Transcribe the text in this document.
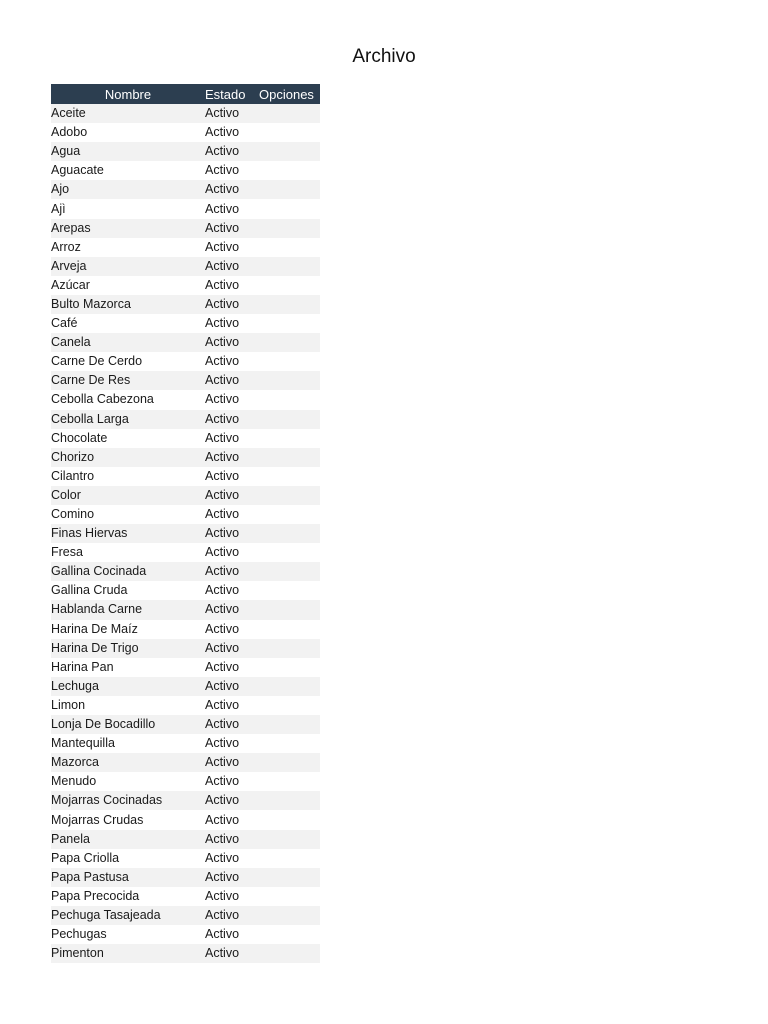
Archivo
Nombre	Estado	Opciones
Aceite	Activo	
Adobo	Activo	
Agua	Activo	
Aguacate	Activo	
Ajo	Activo	
Ajì	Activo	
Arepas	Activo	
Arroz	Activo	
Arveja	Activo	
Azúcar	Activo	
Bulto Mazorca	Activo	
Café	Activo	
Canela	Activo	
Carne De Cerdo	Activo	
Carne De Res	Activo	
Cebolla Cabezona	Activo	
Cebolla Larga	Activo	
Chocolate	Activo	
Chorizo	Activo	
Cilantro	Activo	
Color	Activo	
Comino	Activo	
Finas Hiervas	Activo	
Fresa	Activo	
Gallina Cocinada	Activo	
Gallina Cruda	Activo	
Hablanda Carne	Activo	
Harina De Maíz	Activo	
Harina De Trigo	Activo	
Harina Pan	Activo	
Lechuga	Activo	
Limon	Activo	
Lonja De Bocadillo	Activo	
Mantequilla	Activo	
Mazorca	Activo	
Menudo	Activo	
Mojarras Cocinadas	Activo	
Mojarras Crudas	Activo	
Panela	Activo	
Papa Criolla	Activo	
Papa Pastusa	Activo	
Papa Precocida	Activo	
Pechuga Tasajeada	Activo	
Pechugas	Activo	
Pimenton	Activo	
